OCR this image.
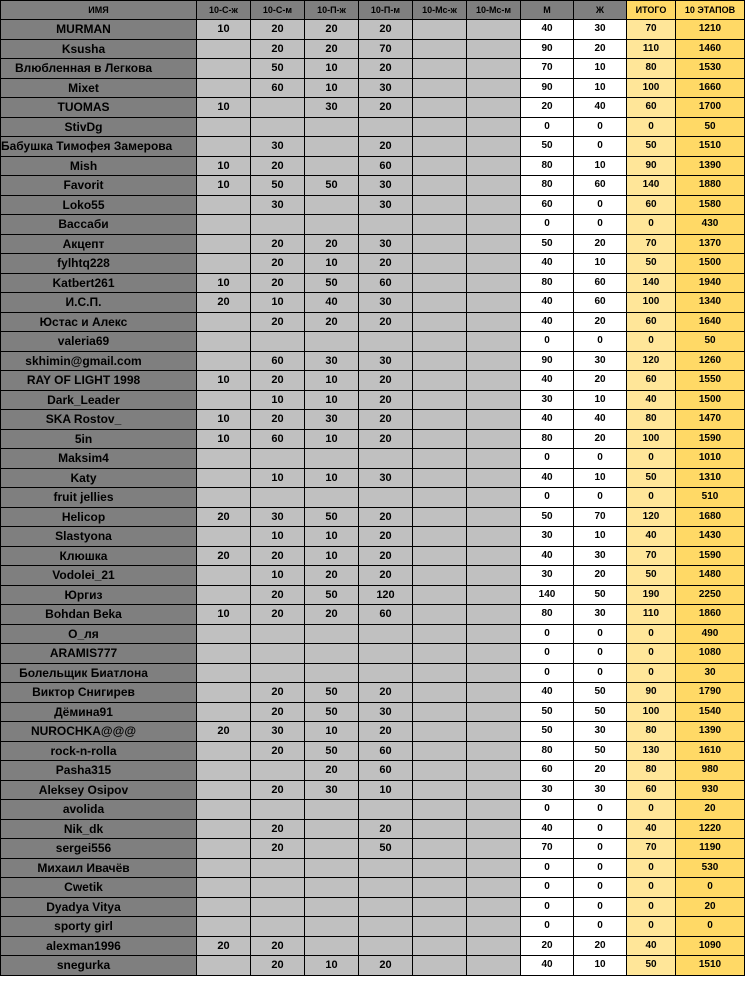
ИМЯ	10-С-ж	10-С-м	10-П-ж	10-П-м	10-Мс-ж	10-Мс-м	М	Ж	ИТОГО	10 ЭТАПОВ
MURMAN	10	20	20	20			40	30	70	1210
Ksusha		20	20	70			90	20	110	1460
Влюбленная в Легкова		50	10	20			70	10	80	1530
Mixet		60	10	30			90	10	100	1660
TUOMAS	10		30	20			20	40	60	1700
StivDg							0	0	0	50
Бабушка Тимофея Замерова		30		20			50	0	50	1510
Mish	10	20		60			80	10	90	1390
Favorit	10	50	50	30			80	60	140	1880
Loko55		30		30			60	0	60	1580
Вассаби							0	0	0	430
Акцепт		20	20	30			50	20	70	1370
fylhtq228		20	10	20			40	10	50	1500
Katbert261	10	20	50	60			80	60	140	1940
И.С.П.	20	10	40	30			40	60	100	1340
Юстас и Алекс		20	20	20			40	20	60	1640
valeria69							0	0	0	50
skhimin@gmail.com		60	30	30			90	30	120	1260
RAY OF LIGHT 1998	10	20	10	20			40	20	60	1550
Dark_Leader		10	10	20			30	10	40	1500
SKA Rostov_	10	20	30	20			40	40	80	1470
5in	10	60	10	20			80	20	100	1590
Maksim4							0	0	0	1010
Katy		10	10	30			40	10	50	1310
fruit jellies							0	0	0	510
Helicop	20	30	50	20			50	70	120	1680
Slastyona		10	10	20			30	10	40	1430
Клюшка	20	20	10	20			40	30	70	1590
Vodolei_21		10	20	20			30	20	50	1480
Юргиз		20	50	120			140	50	190	2250
Bohdan Beka	10	20	20	60			80	30	110	1860
О_ля							0	0	0	490
ARAMIS777							0	0	0	1080
Болельщик Биатлона							0	0	0	30
Виктор Снигирев		20	50	20			40	50	90	1790
Дёмина91		20	50	30			50	50	100	1540
NUROCHKA@@@	20	30	10	20			50	30	80	1390
rock-n-rolla		20	50	60			80	50	130	1610
Pasha315			20	60			60	20	80	980
Aleksey Osipov		20	30	10			30	30	60	930
avolida							0	0	0	20
Nik_dk		20		20			40	0	40	1220
sergei556		20		50			70	0	70	1190
Михаил Ивачёв							0	0	0	530
Cwetik							0	0	0	0
Dyadya Vitya							0	0	0	20
sporty girl							0	0	0	0
alexman1996	20	20					20	20	40	1090
snegurka		20	10	20			40	10	50	1510
